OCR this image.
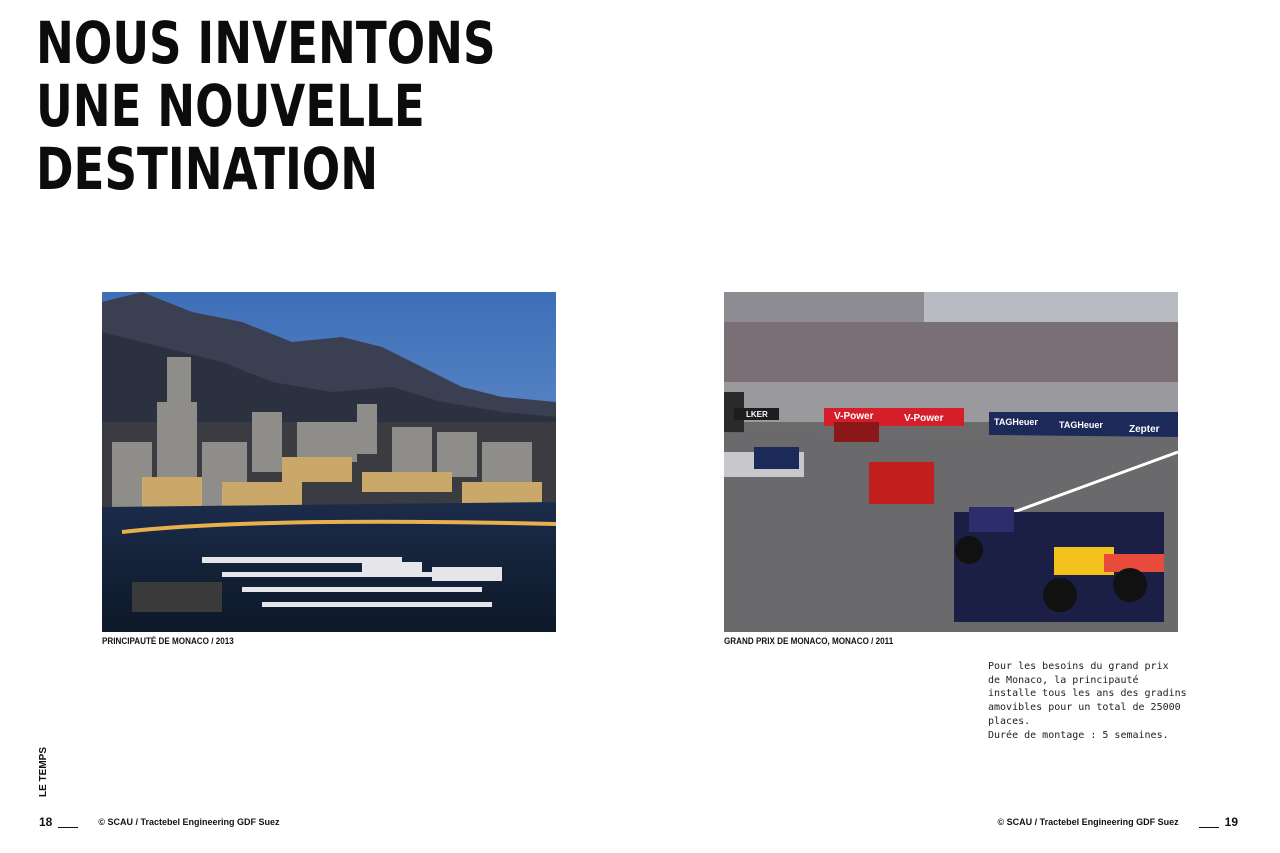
NOUS INVENTONS
UNE NOUVELLE
DESTINATION
PRINCIPAUTÉ DE MONACO / 2013
V-Power	V-Power	TAGHeuer TAGHeuer	Zepter
LKER
GRAND PRIX DE MONACO, MONACO / 2011
Pour les besoins du grand prix
de Monaco, la principauté
installe tous les ans des gradins
amovibles pour un total de 25000
places.
Durée de montage : 5 semaines.
LE TEMPS
18	© SCAU / Tractebel Engineering GDF Suez	© SCAU / Tractebel Engineering GDF Suez	19
